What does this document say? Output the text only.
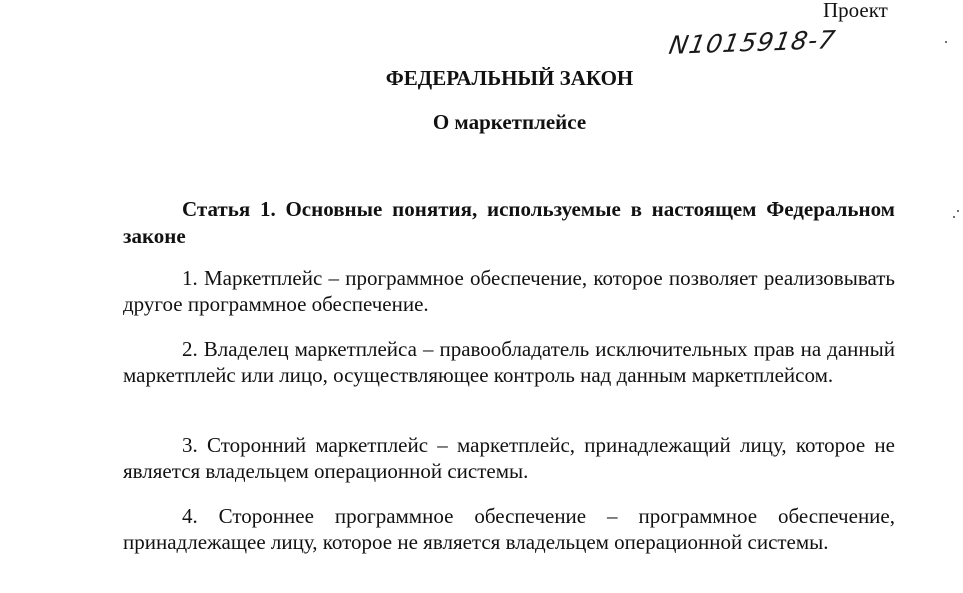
Проект
N1015918-7
ФЕДЕРАЛЬНЫЙ ЗАКОН
О маркетплейсе
Статья 1. Основные понятия, используемые в настоящем Федеральном законе
1. Маркетплейс – программное обеспечение, которое позволяет реализовывать другое программное обеспечение.
2. Владелец маркетплейса – правообладатель исключительных прав на данный маркетплейс или лицо, осуществляющее контроль над данным маркетплейсом.
3. Сторонний маркетплейс – маркетплейс, принадлежащий лицу, которое не является владельцем операционной системы.
4. Стороннее программное обеспечение – программное обеспечение, принадлежащее лицу, которое не является владельцем операционной системы.
